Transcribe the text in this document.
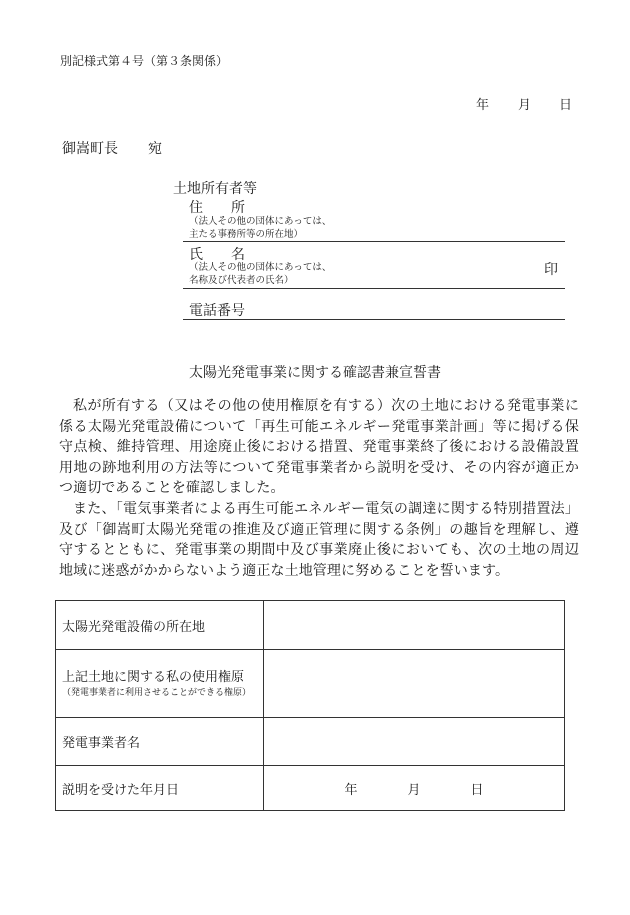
別記様式第４号（第３条関係）
年 月 日
御嵩町長 宛
土地所有者等
住　　所
（法人その他の団体にあっては、
主たる事務所等の所在地）
氏　　名
（法人その他の団体にあっては、
名称及び代表者の氏名）
印
電話番号
太陽光発電事業に関する確認書兼宣誓書

私が所有する（又はその他の使用権原を有する）次の土地における発電事業に係る太陽光発電設備について「再生可能エネルギー発電事業計画」等に掲げる保守点検、維持管理、用途廃止後における措置、発電事業終了後における設備設置用地の跡地利用の方法等について発電事業者から説明を受け、その内容が適正かつ適切であることを確認しました。

また、「電気事業者による再生可能エネルギー電気の調達に関する特別措置法」及び「御嵩町太陽光発電の推進及び適正管理に関する条例」の趣旨を理解し、遵守するとともに、発電事業の期間中及び事業廃止後においても、次の土地の周辺地域に迷惑がかからないよう適正な土地管理に努めることを誓います。

太陽光発電設備の所在地	
上記土地に関する私の使用権原
（発電事業者に利用させることができる権原）	

発電事業者名	
説明を受けた年月日	年 月 日
